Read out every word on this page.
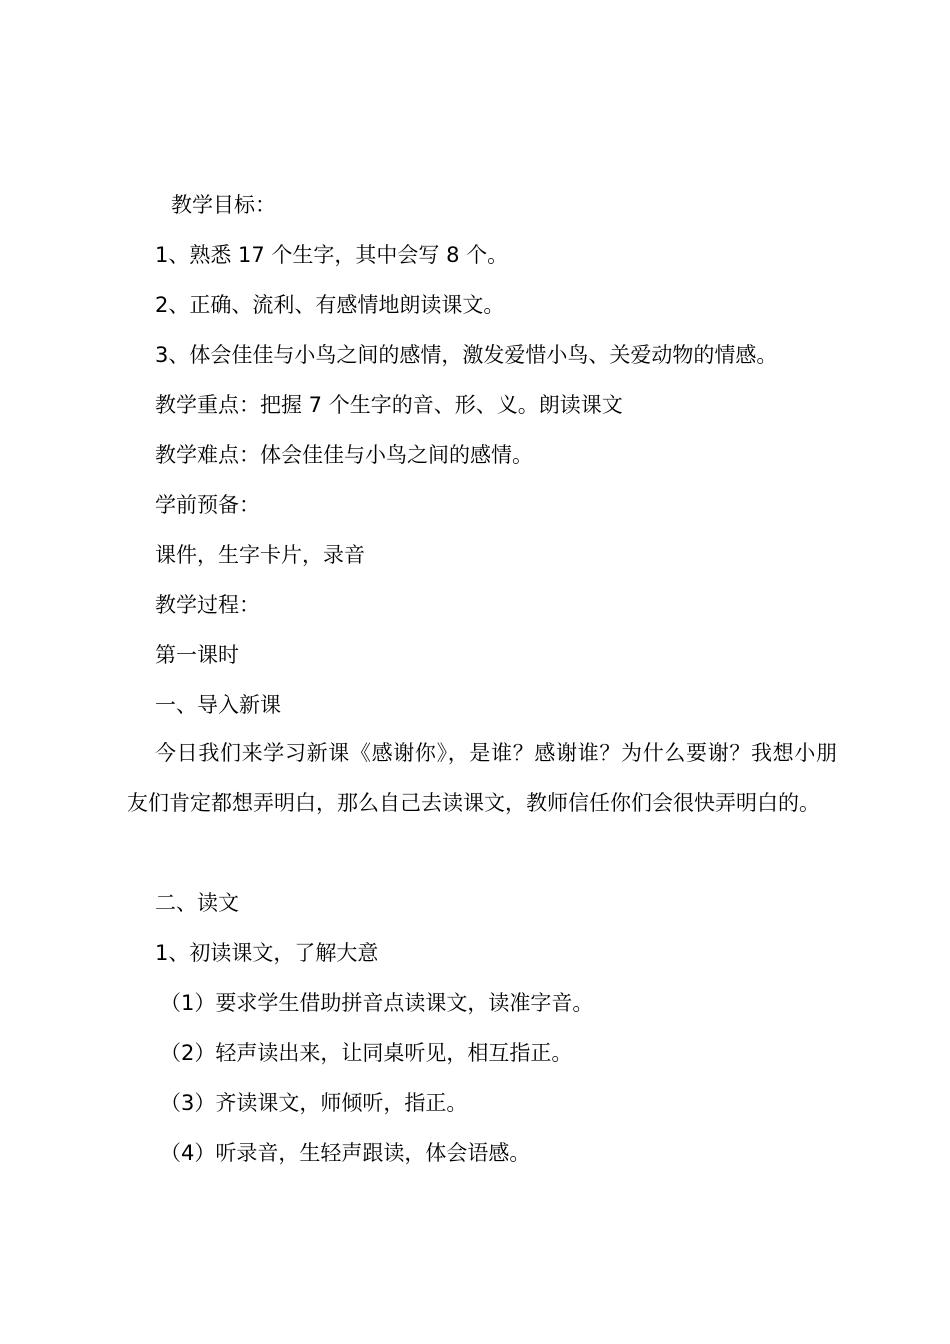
教学目标：
1、熟悉 17 个生字，其中会写 8 个。
2、正确、流利、有感情地朗读课文。
3、体会佳佳与小鸟之间的感情，激发爱惜小鸟、关爱动物的情感。
教学重点：把握 7 个生字的音、形、义。朗读课文
教学难点：体会佳佳与小鸟之间的感情。
学前预备：
课件，生字卡片，录音
教学过程：
第一课时
一、导入新课
今日我们来学习新课《感谢你》，是谁？感谢谁？为什么要谢？我想小朋友们肯定都想弄明白，那么自己去读课文，教师信任你们会很快弄明白的。
二、读文
1、初读课文，了解大意
（1）要求学生借助拼音点读课文，读准字音。
（2）轻声读出来，让同桌听见，相互指正。
（3）齐读课文，师倾听，指正。
（4）听录音，生轻声跟读，体会语感。
